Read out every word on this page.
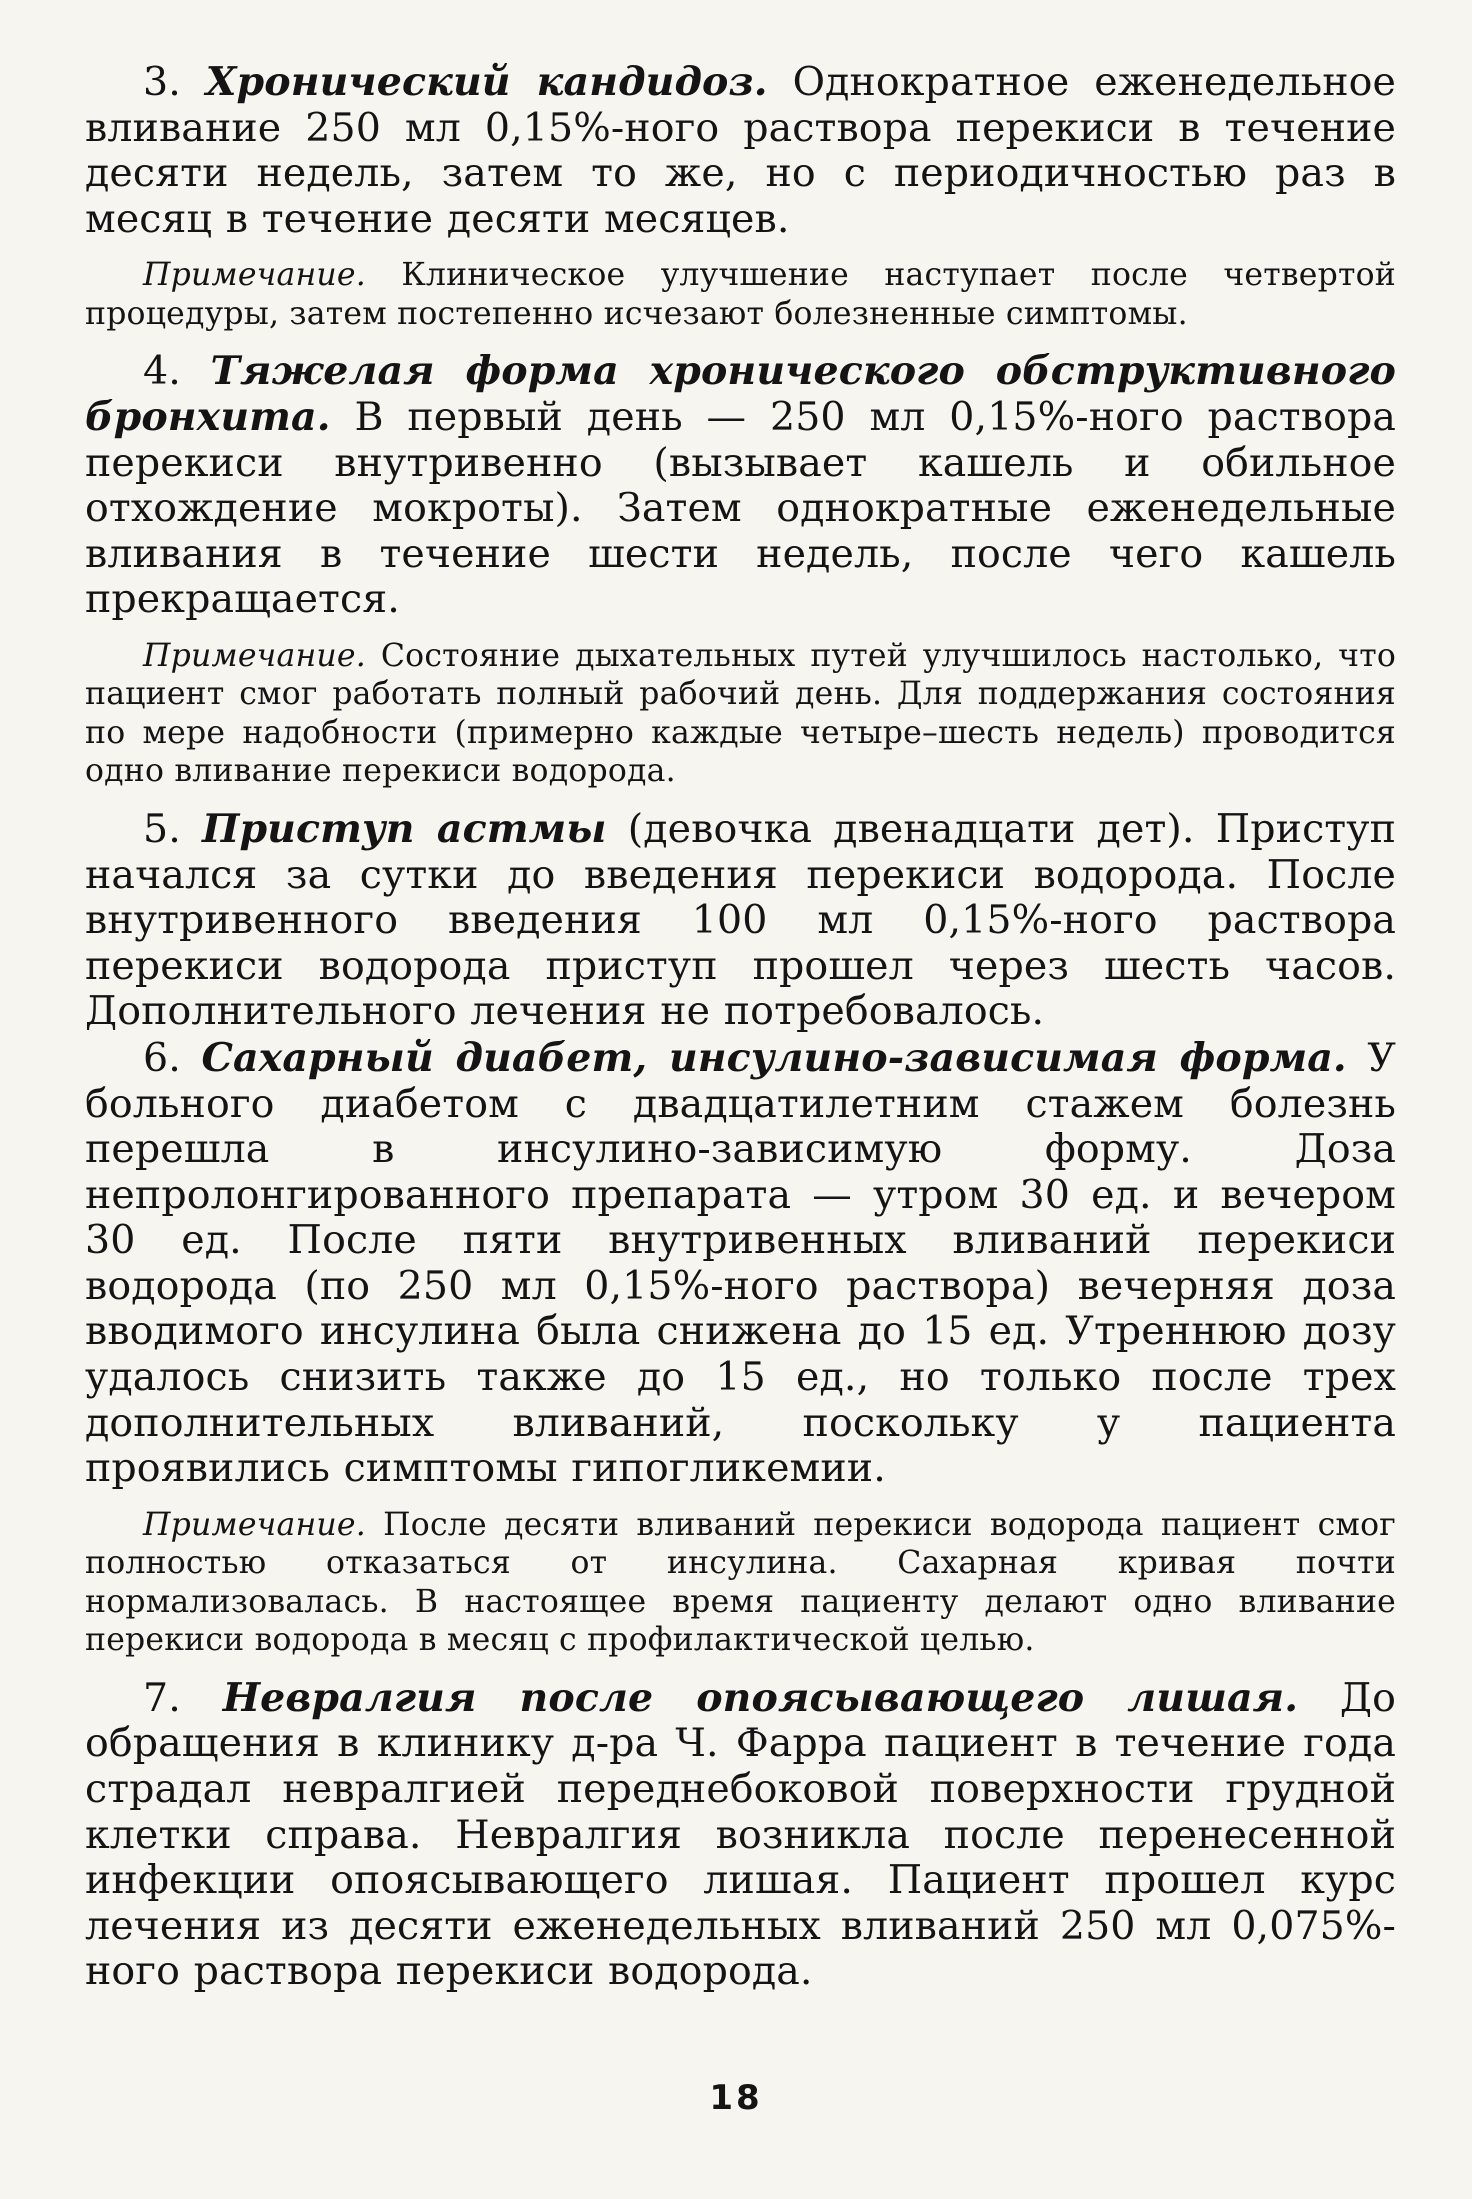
3. Хронический кандидоз. Однократное еженедельное вливание 250 мл 0,15%-ного раствора перекиси в течение десяти недель, затем то же, но с периодичностью раз в месяц в течение десяти месяцев.

Примечание. Клиническое улучшение наступает после четвертой процедуры, затем постепенно исчезают болезненные симптомы.

4. Тяжелая форма хронического обструктивного бронхита. В первый день — 250 мл 0,15%-ного раствора перекиси внутривенно (вызывает кашель и обильное отхождение мокроты). Затем однократные еженедельные вливания в течение шести недель, после чего кашель прекращается.

Примечание. Состояние дыхательных путей улучшилось настолько, что пациент смог работать полный рабочий день. Для поддержания состояния по мере надобности (примерно каждые четыре–шесть недель) проводится одно вливание перекиси водорода.

5. Приступ астмы (девочка двенадцати дет). Приступ начался за сутки до введения перекиси водорода. После внутривенного введения 100 мл 0,15%-ного раствора перекиси водорода приступ прошел через шесть часов. Дополнительного лечения не потребовалось.

6. Сахарный диабет, инсулино-зависимая форма. У больного диабетом с двадцатилетним стажем болезнь перешла в инсулино-зависимую форму. Доза непролонгированного препарата — утром 30 ед. и вечером 30 ед. После пяти внутривенных вливаний перекиси водорода (по 250 мл 0,15%-ного раствора) вечерняя доза вводимого инсулина была снижена до 15 ед. Утреннюю дозу удалось снизить также до 15 ед., но только после трех дополнительных вливаний, поскольку у пациента проявились симптомы гипогликемии.

Примечание. После десяти вливаний перекиси водорода пациент смог полностью отказаться от инсулина. Сахарная кривая почти нормализовалась. В настоящее время пациенту делают одно вливание перекиси водорода в месяц с профилактической целью.

7. Невралгия после опоясывающего лишая. До обращения в клинику д-ра Ч. Фарра пациент в течение года страдал невралгией переднебоковой поверхности грудной клетки справа. Невралгия возникла после перенесенной инфекции опоясывающего лишая. Пациент прошел курс лечения из десяти еженедельных вливаний 250 мл 0,075%-ного раствора перекиси водорода.

18
